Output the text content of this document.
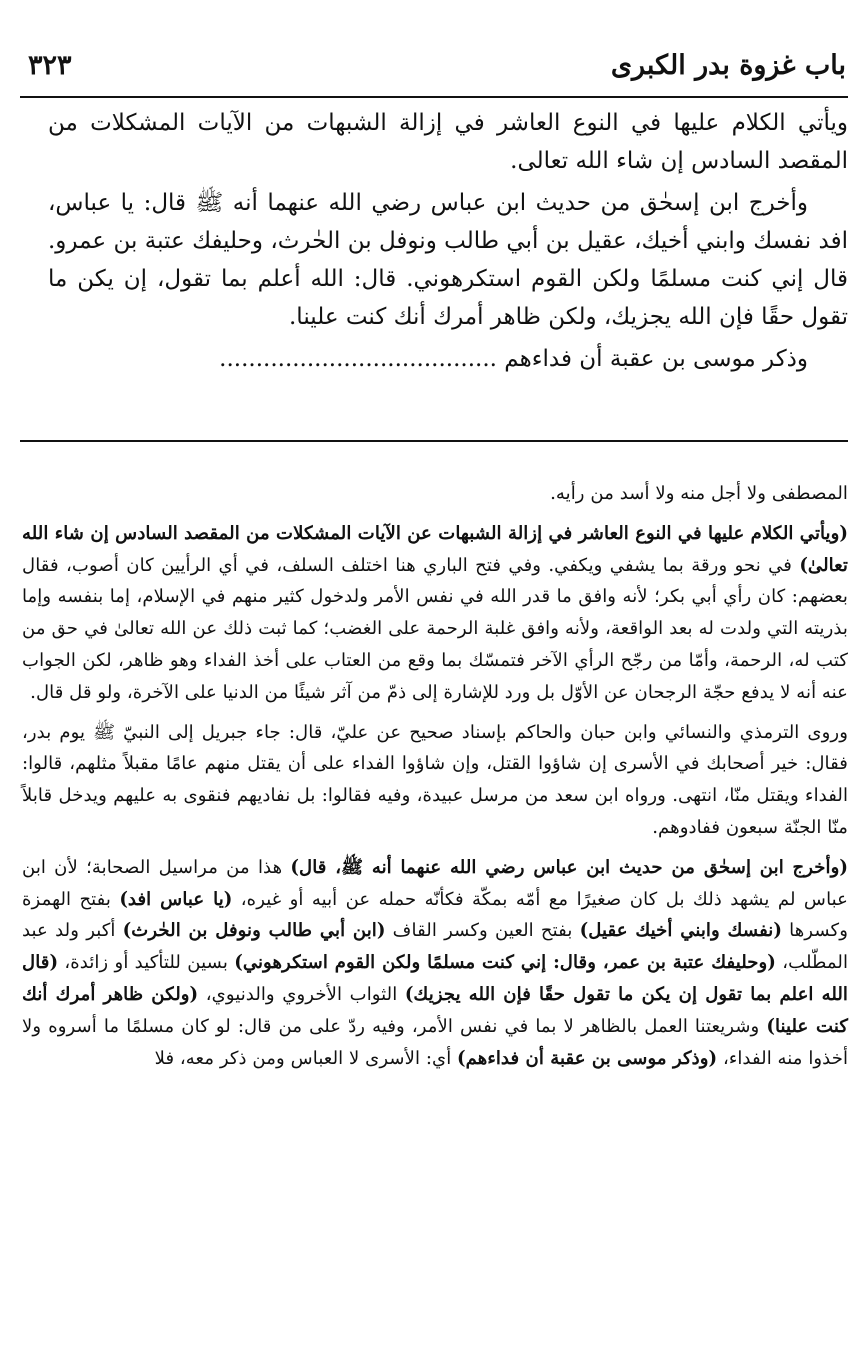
باب غزوة بدر الكبرى
٣٢٣

ويأتي الكلام عليها في النوع العاشر في إزالة الشبهات من الآيات المشكلات من المقصد السادس إن شاء الله تعالى.

وأخرج ابن إسحٰق من حديث ابن عباس رضي الله عنهما أنه ﷺ قال: يا عباس، افد نفسك وابني أخيك، عقيل بن أبي طالب ونوفل بن الحٰرث، وحليفك عتبة بن عمرو. قال إني كنت مسلمًا ولكن القوم استكرهوني. قال: الله أعلم بما تقول، إن يكن ما تقول حقًا فإن الله يجزيك، ولكن ظاهر أمرك أنك كنت علينا.

وذكر موسى بن عقبة أن فداءهم ......................................

المصطفى ولا أجل منه ولا أسد من رأيه.

(ويأتي الكلام عليها في النوع العاشر في إزالة الشبهات عن الآيات المشكلات من المقصد السادس إن شاء الله تعالىٰ) في نحو ورقة بما يشفي ويكفي. وفي فتح الباري هنا اختلف السلف، في أي الرأيين كان أصوب، فقال بعضهم: كان رأي أبي بكر؛ لأنه وافق ما قدر الله في نفس الأمر ولدخول كثير منهم في الإسلام، إما بنفسه وإما بذريته التي ولدت له بعد الواقعة، ولأنه وافق غلبة الرحمة على الغضب؛ كما ثبت ذلك عن الله تعالىٰ في حق من كتب له، الرحمة، وأمّا من رجّح الرأي الآخر فتمسّك بما وقع من العتاب على أخذ الفداء وهو ظاهر، لكن الجواب عنه أنه لا يدفع حجّة الرجحان عن الأوّل بل ورد للإشارة إلى ذمّ من آثر شيئًا من الدنيا على الآخرة، ولو قل قال.

وروى الترمذي والنسائي وابن حبان والحاكم بإسناد صحيح عن عليّ، قال: جاء جبريل إلى النبيّ ﷺ يوم بدر، فقال: خير أصحابك في الأسرى إن شاؤوا القتل، وإن شاؤوا الفداء على أن يقتل منهم عامًا مقبلاً مثلهم، قالوا: الفداء ويقتل منّا، انتهى. ورواه ابن سعد من مرسل عبيدة، وفيه فقالوا: بل نفاديهم فنقوى به عليهم ويدخل قابلاً منّا الجنّة سبعون ففادوهم.

(وأخرج ابن إسحٰق من حديث ابن عباس رضي الله عنهما أنه ﷺ، قال) هذا من مراسيل الصحابة؛ لأن ابن عباس لم يشهد ذلك بل كان صغيرًا مع أمّه بمكّة فكأنّه حمله عن أبيه أو غيره، (يا عباس افد) بفتح الهمزة وكسرها (نفسك وابني أخيك عقيل) بفتح العين وكسر القاف (ابن أبي طالب ونوفل بن الحٰرث) أكبر ولد عبد المطّلب، (وحليفك عتبة بن عمر، وقال: إني كنت مسلمًا ولكن القوم استكرهوني) بسين للتأكيد أو زائدة، (قال الله اعلم بما تقول إن يكن ما تقول حقًا فإن الله يجزيك) الثواب الأخروي والدنيوي، (ولكن ظاهر أمرك أنك كنت علينا) وشريعتنا العمل بالظاهر لا بما في نفس الأمر، وفيه ردّ على من قال: لو كان مسلمًا ما أسروه ولا أخذوا منه الفداء، (وذكر موسى بن عقبة أن فداءهم) أي: الأسرى لا العباس ومن ذكر معه، فلا
